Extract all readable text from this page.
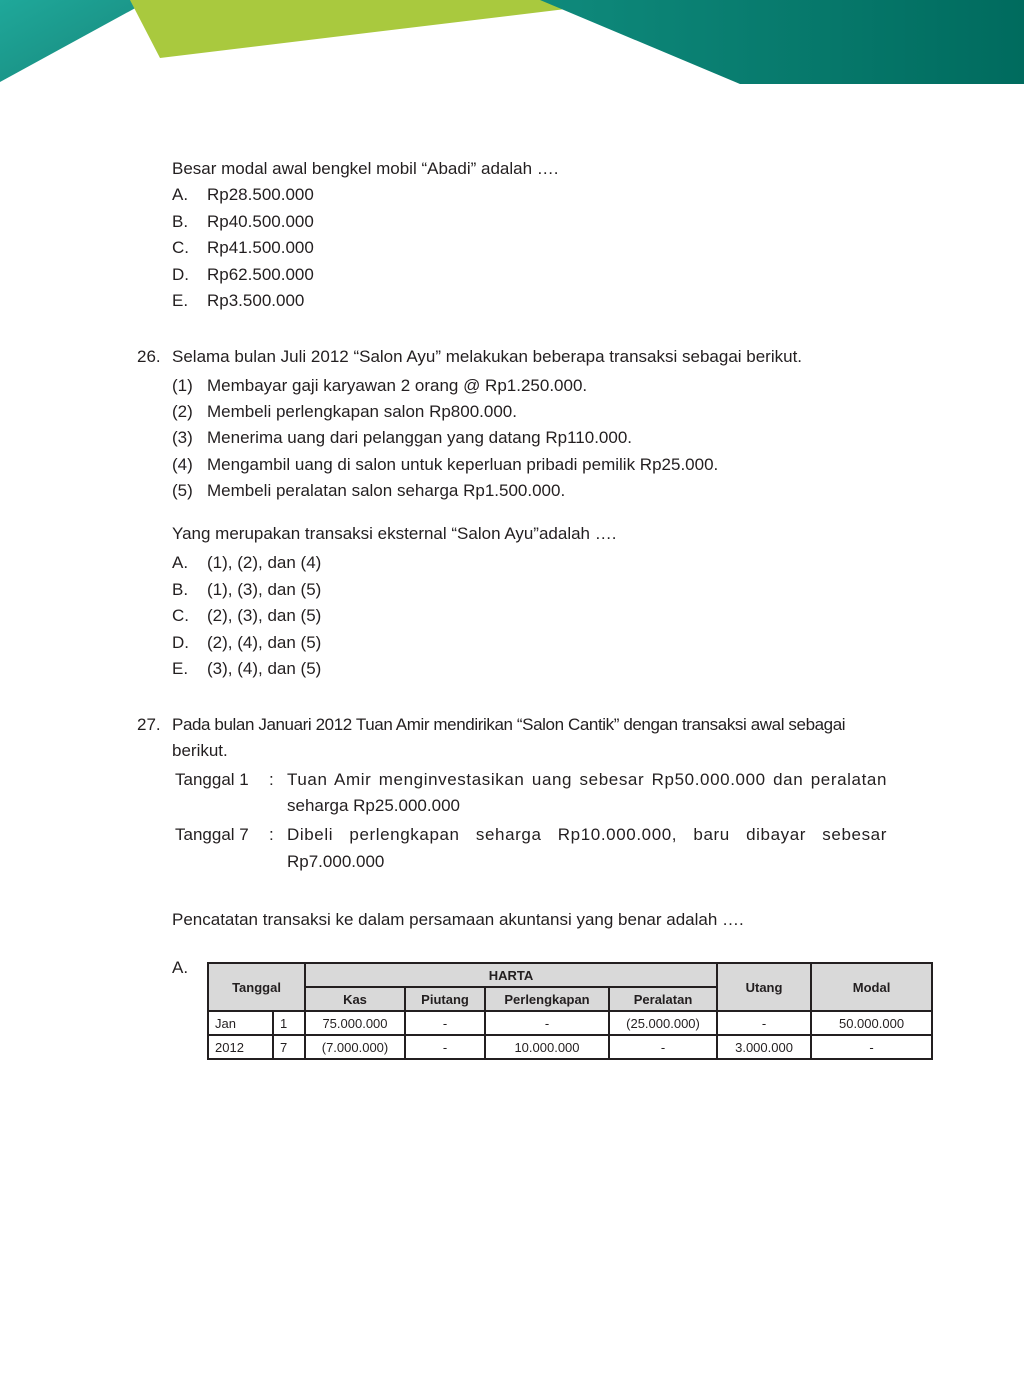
Besar modal awal bengkel mobil “Abadi” adalah ….
A. Rp28.500.000
B. Rp40.500.000
C. Rp41.500.000
D. Rp62.500.000
E. Rp3.500.000
26. Selama bulan Juli 2012 “Salon Ayu” melakukan beberapa transaksi sebagai berikut.
(1) Membayar gaji karyawan 2 orang @ Rp1.250.000.
(2) Membeli perlengkapan salon Rp800.000.
(3) Menerima uang dari pelanggan yang datang Rp110.000.
(4) Mengambil uang di salon untuk keperluan pribadi pemilik Rp25.000.
(5) Membeli peralatan salon seharga Rp1.500.000.
Yang merupakan transaksi eksternal “Salon Ayu”adalah ….
A. (1), (2), dan (4)
B. (1), (3), dan (5)
C. (2), (3), dan (5)
D. (2), (4), dan (5)
E. (3), (4), dan (5)
27. Pada bulan Januari 2012 Tuan Amir mendirikan “Salon Cantik” dengan transaksi awal sebagai
berikut.
Tanggal 1 : Tuan Amir menginvestasikan uang sebesar Rp50.000.000 dan peralatan
seharga Rp25.000.000
Tanggal 7 : Dibeli perlengkapan seharga Rp10.000.000, baru dibayar sebesar
Rp7.000.000
Pencatatan transaksi ke dalam persamaan akuntansi yang benar adalah ….
A.
Tanggal		HARTA				Utang	Modal
		Kas	Piutang	Perlengkapan	Peralatan		
Jan	1	75.000.000	-	-	(25.000.000)	-	50.000.000
2012	7	(7.000.000)	-	10.000.000	-	3.000.000	-
